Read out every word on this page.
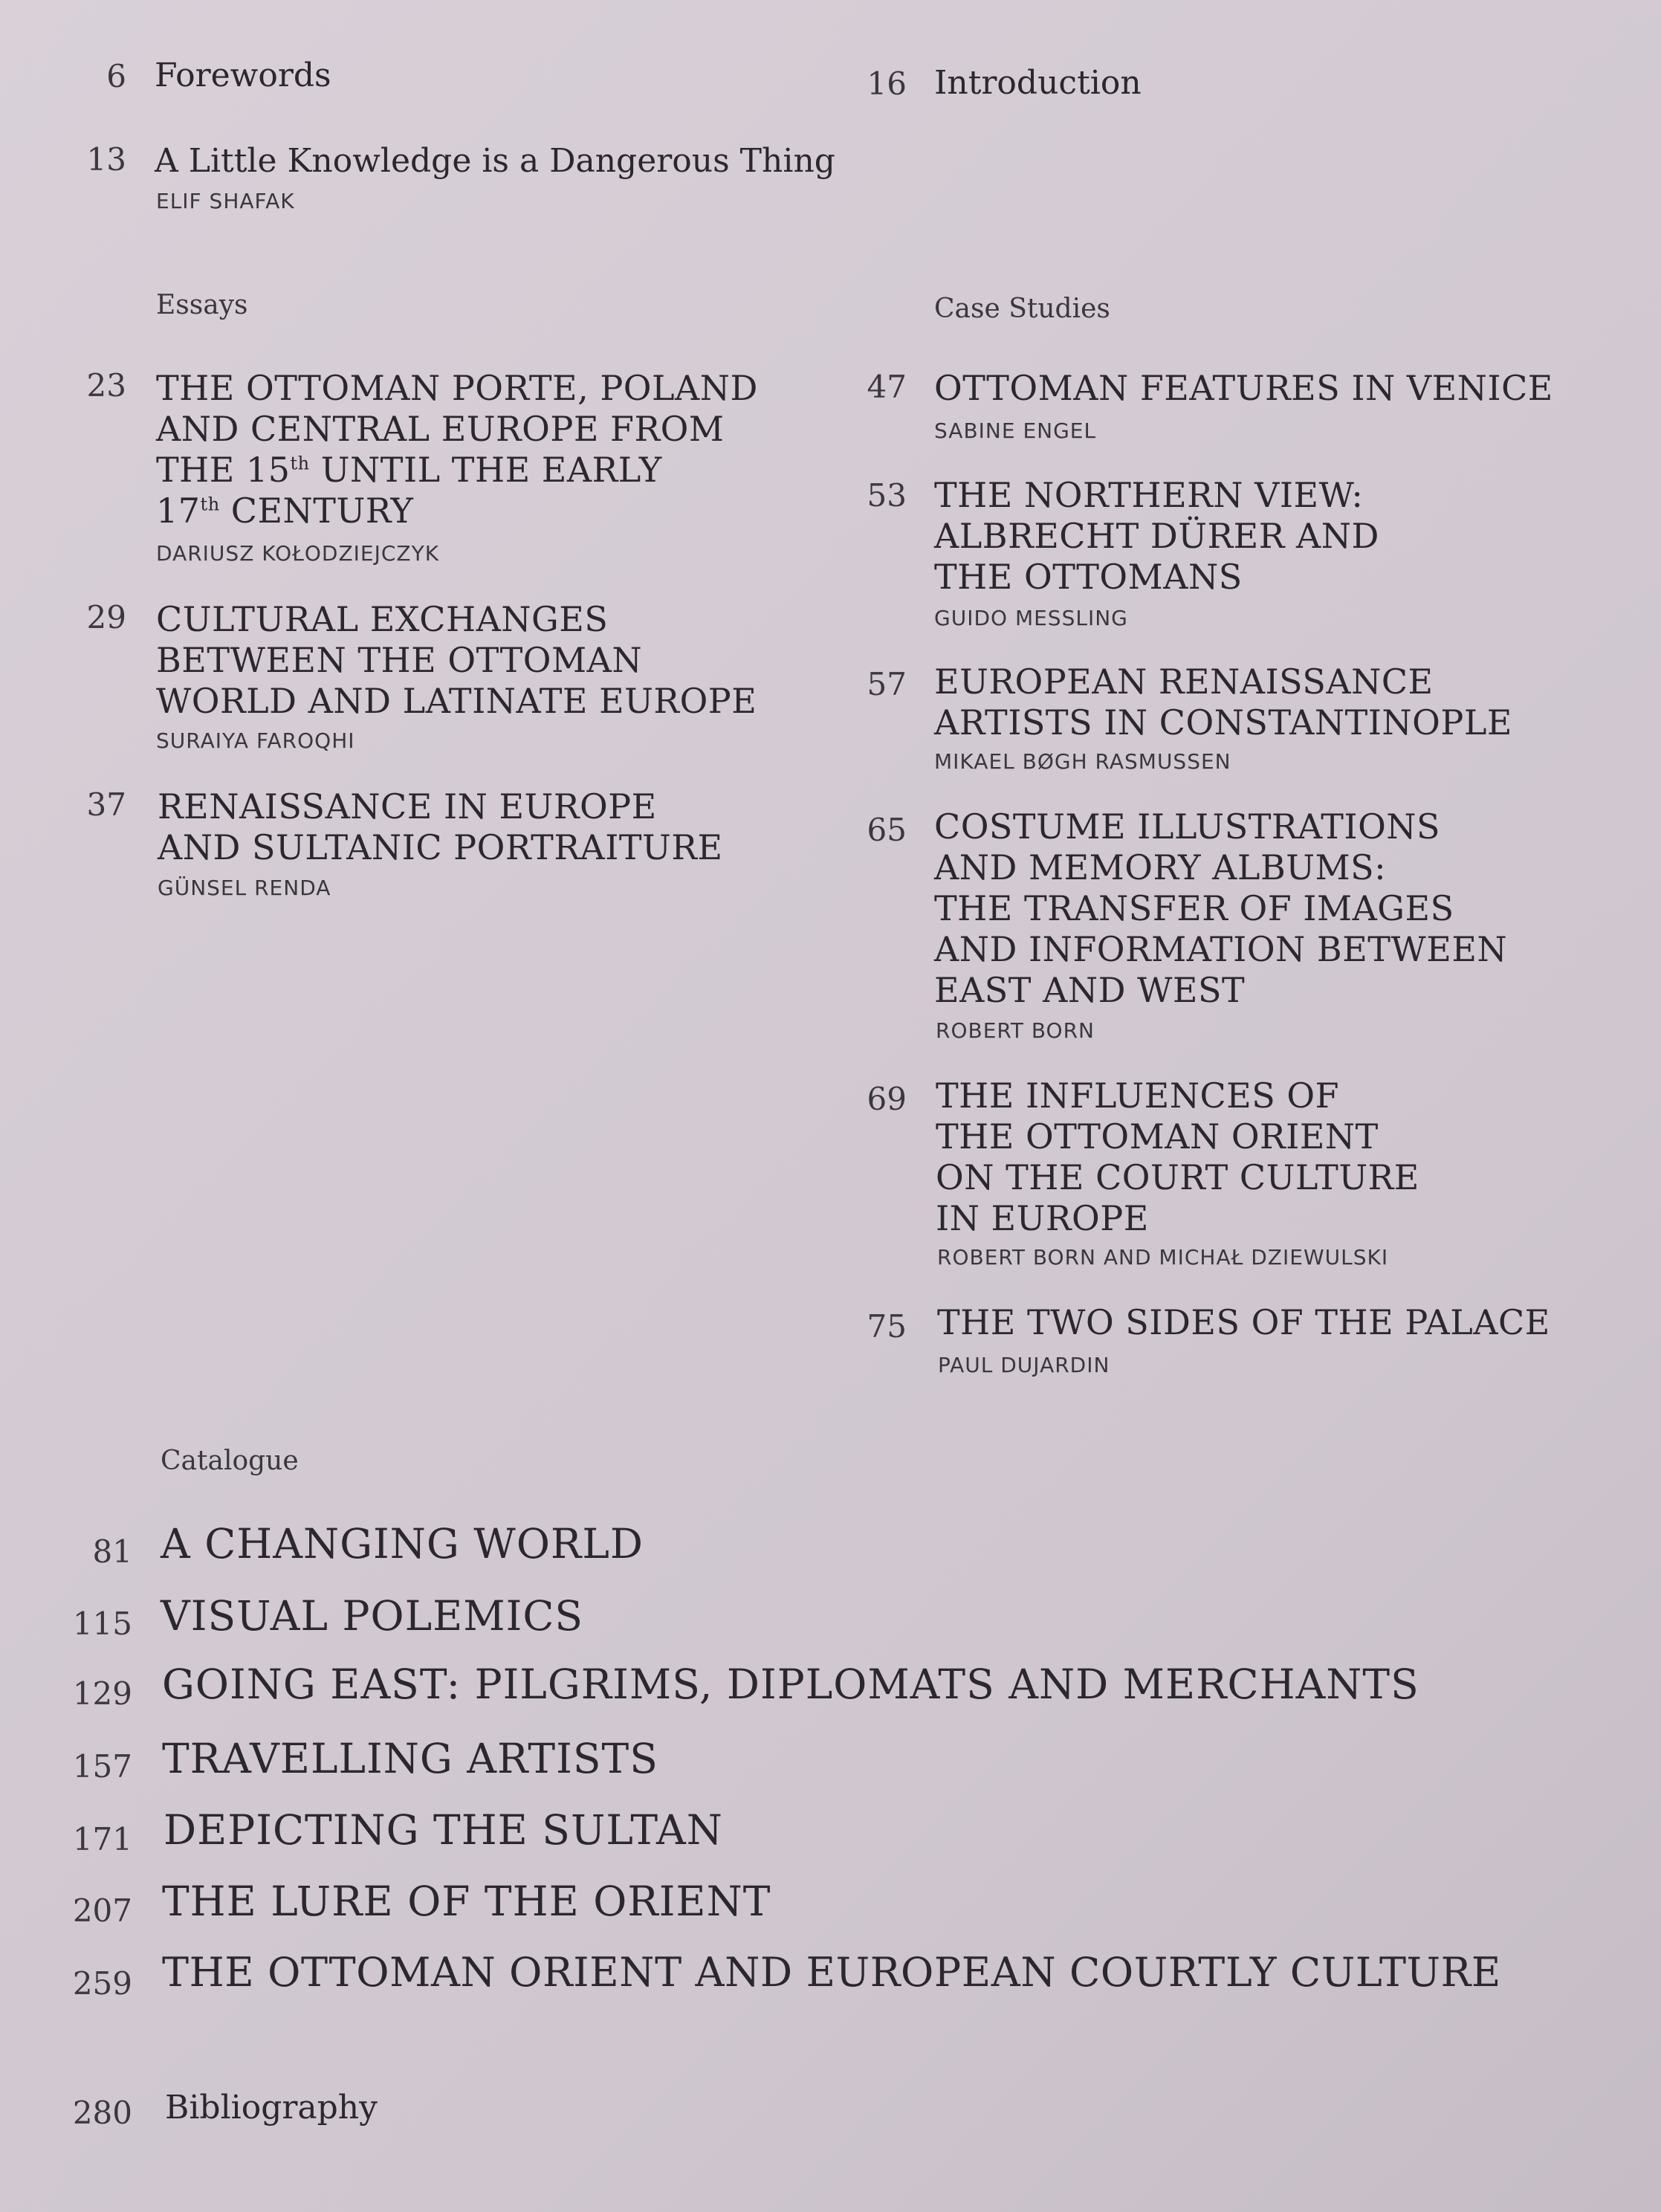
6 Forewords	16 Introduction
13 A Little Knowledge is a Dangerous Thing
ELIF SHAFAK
Essays	Case Studies
23 THE OTTOMAN PORTE, POLAND
AND CENTRAL EUROPE FROM
THE 15th UNTIL THE EARLY
17th CENTURY
DARIUSZ KOŁODZIEJCZYK
29 CULTURAL EXCHANGES
BETWEEN THE OTTOMAN
WORLD AND LATINATE EUROPE
SURAIYA FAROQHI
37 RENAISSANCE IN EUROPE
AND SULTANIC PORTRAITURE
GÜNSEL RENDA
47 OTTOMAN FEATURES IN VENICE
SABINE ENGEL
53 THE NORTHERN VIEW:
ALBRECHT DÜRER AND
THE OTTOMANS
GUIDO MESSLING
57 EUROPEAN RENAISSANCE
ARTISTS IN CONSTANTINOPLE
MIKAEL BØGH RASMUSSEN
65 COSTUME ILLUSTRATIONS
AND MEMORY ALBUMS:
THE TRANSFER OF IMAGES
AND INFORMATION BETWEEN
EAST AND WEST
ROBERT BORN
69 THE INFLUENCES OF
THE OTTOMAN ORIENT
ON THE COURT CULTURE
IN EUROPE
ROBERT BORN AND MICHAŁ DZIEWULSKI
75 THE TWO SIDES OF THE PALACE
PAUL DUJARDIN
Catalogue
81 A CHANGING WORLD
115 VISUAL POLEMICS
129 GOING EAST: PILGRIMS, DIPLOMATS AND MERCHANTS
157 TRAVELLING ARTISTS
171 DEPICTING THE SULTAN
207 THE LURE OF THE ORIENT
259 THE OTTOMAN ORIENT AND EUROPEAN COURTLY CULTURE
280 Bibliography
